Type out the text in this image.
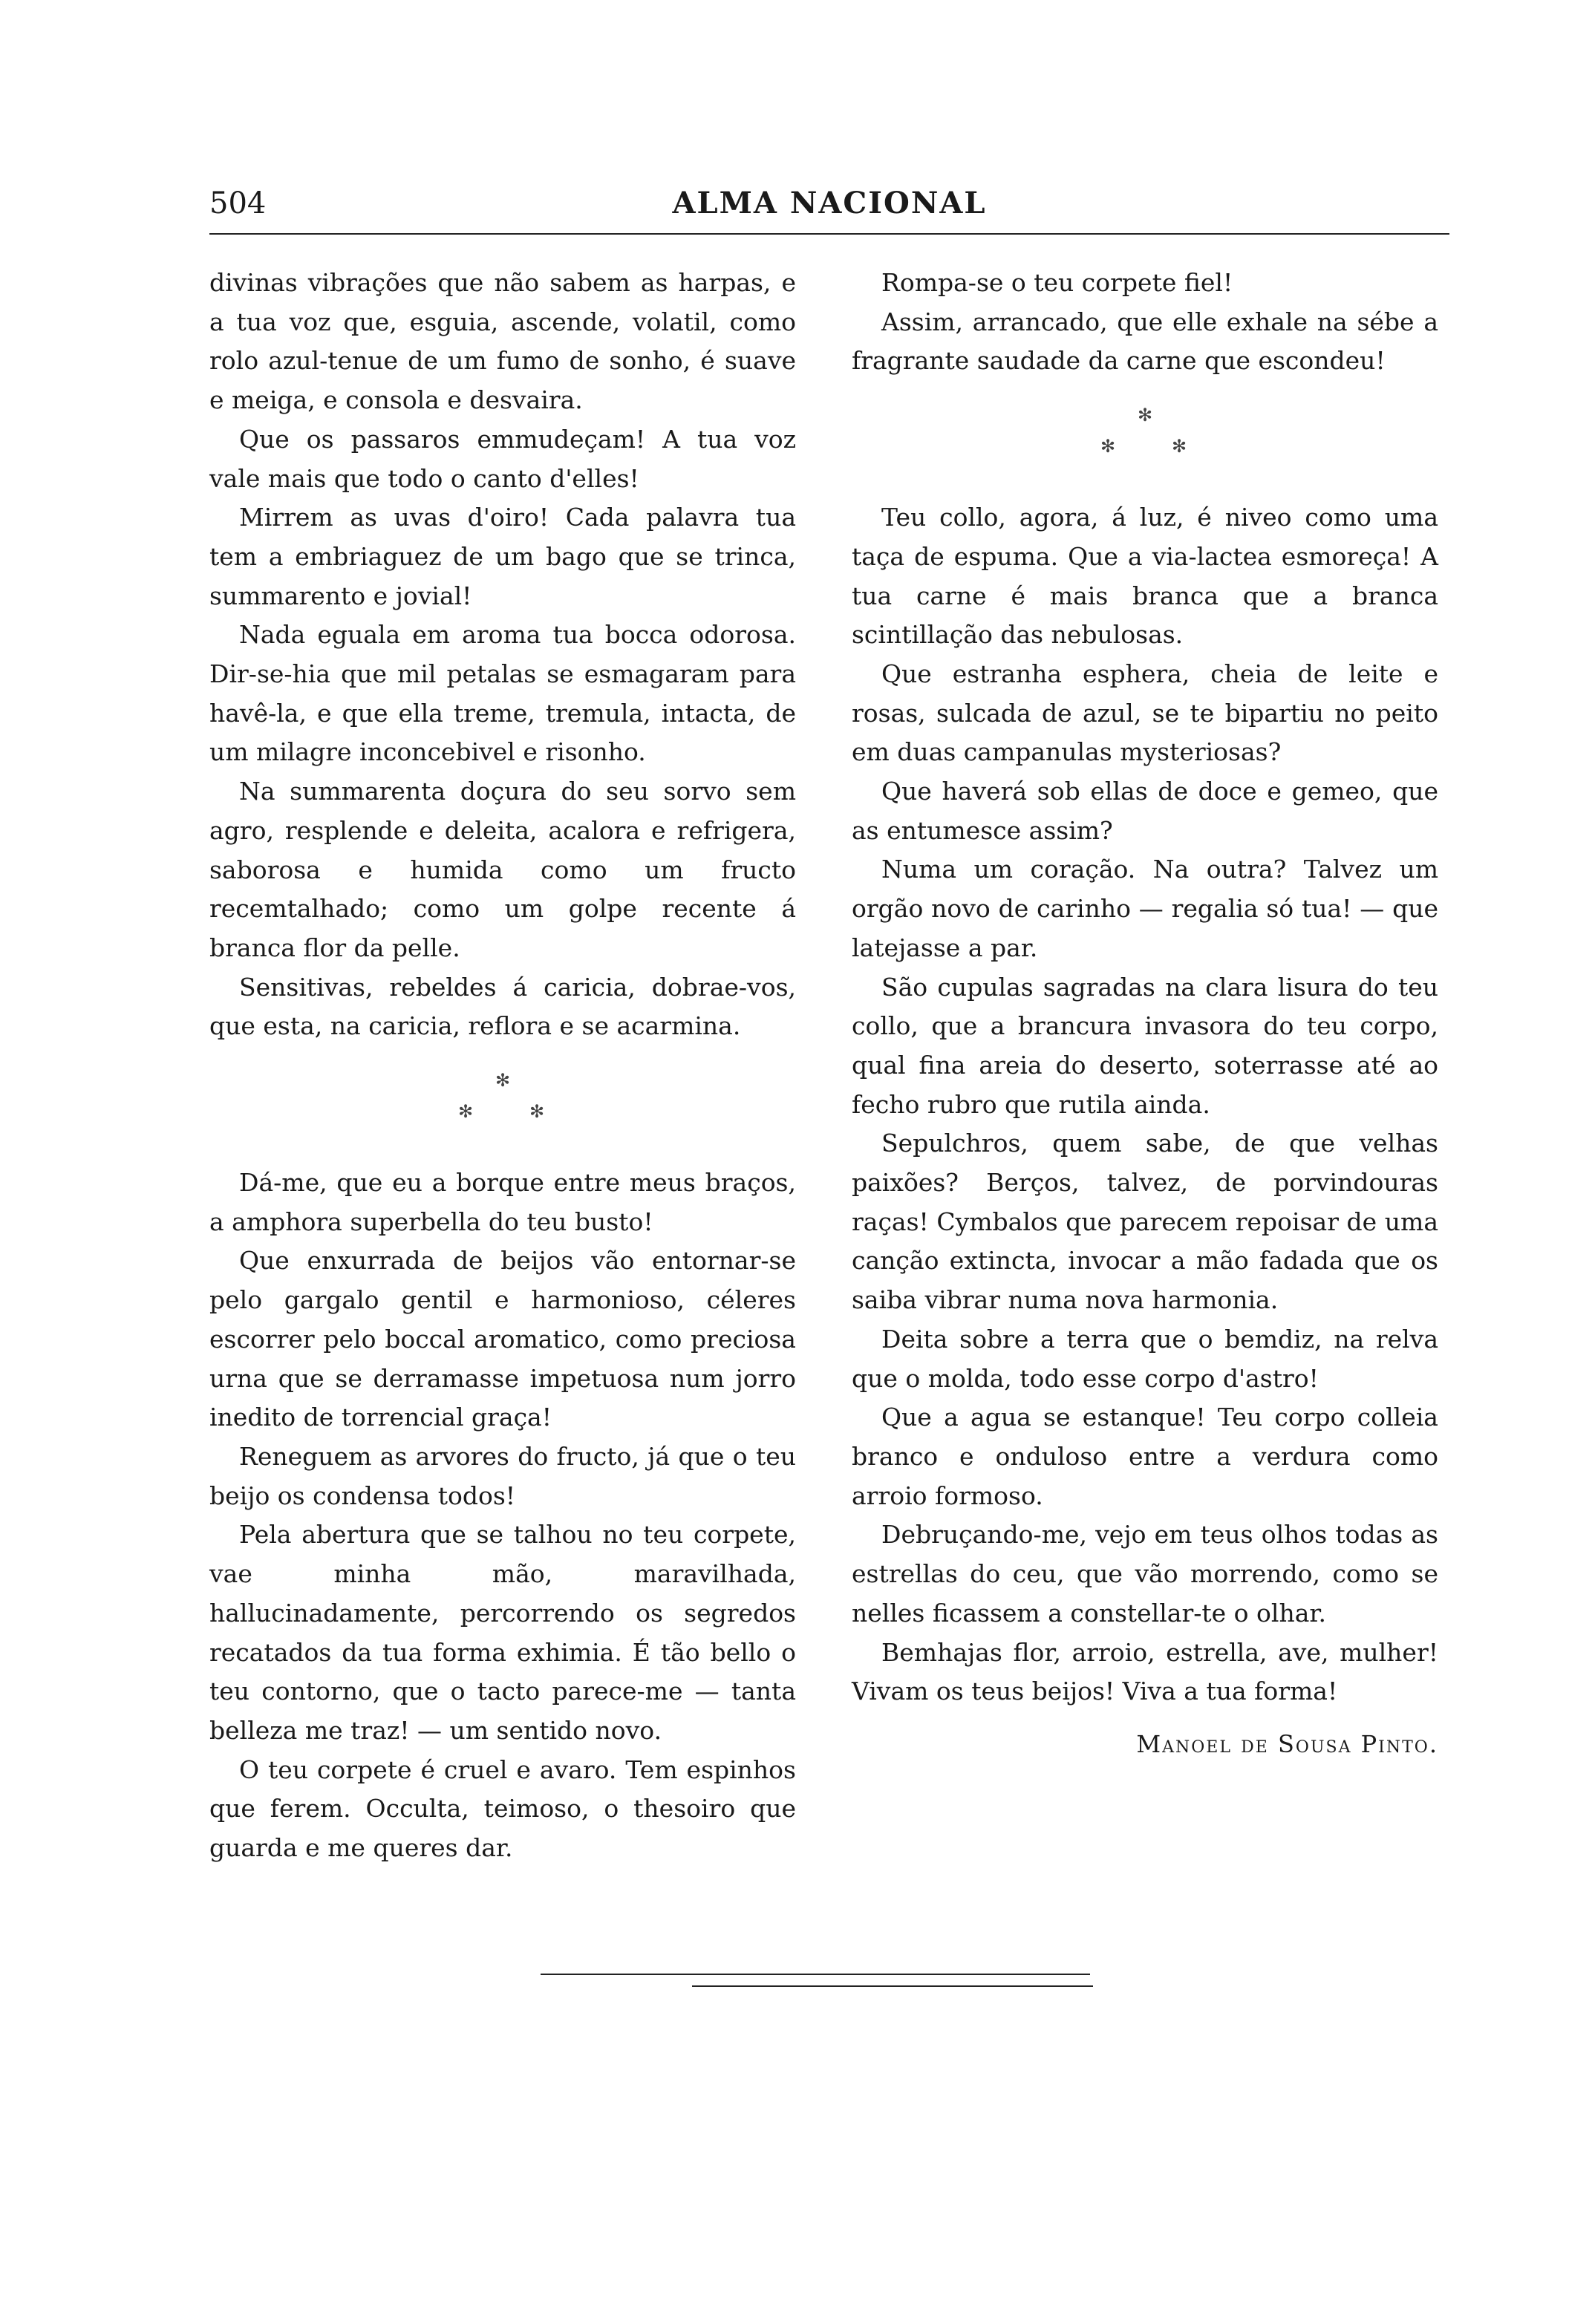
504	ALMA NACIONAL

divinas vibrações que não sabem as harpas, e a tua voz que, esguia, ascende, volatil, como rolo azul-tenue de um fumo de sonho, é suave e meiga, e consola e desvaira.

Que os passaros emmudeçam! A tua voz vale mais que todo o canto d'elles!

Mirrem as uvas d'oiro! Cada palavra tua tem a embriaguez de um bago que se trinca, summarento e jovial!

Nada eguala em aroma tua bocca odorosa. Dir-se-hia que mil petalas se esmagaram para havê-la, e que ella treme, tremula, intacta, de um milagre inconcebivel e risonho.

Na summarenta doçura do seu sorvo sem agro, resplende e deleita, acalora e refrigera, saborosa e humida como um fructo recemtalhado; como um golpe recente á branca flor da pelle.

Sensitivas, rebeldes á caricia, dobrae-vos, que esta, na caricia, reflora e se acarmina.

✻
✻	✻

Dá-me, que eu a borque entre meus braços, a amphora superbella do teu busto!

Que enxurrada de beijos vão entornar-se pelo gargalo gentil e harmonioso, céleres escorrer pelo boccal aromatico, como preciosa urna que se derramasse impetuosa num jorro inedito de torrencial graça!

Reneguem as arvores do fructo, já que o teu beijo os condensa todos!

Pela abertura que se talhou no teu corpete, vae minha mão, maravilhada, hallucinadamente, percorrendo os segredos recatados da tua forma exhimia. É tão bello o teu contorno, que o tacto parece-me — tanta belleza me traz! — um sentido novo.

O teu corpete é cruel e avaro. Tem espinhos que ferem. Occulta, teimoso, o thesoiro que guarda e me queres dar.

Rompa-se o teu corpete fiel!

Assim, arrancado, que elle exhale na sébe a fragrante saudade da carne que escondeu!

✻
✻	✻

Teu collo, agora, á luz, é niveo como uma taça de espuma. Que a via-lactea esmoreça! A tua carne é mais branca que a branca scintillação das nebulosas.

Que estranha esphera, cheia de leite e rosas, sulcada de azul, se te bipartiu no peito em duas campanulas mysteriosas?

Que haverá sob ellas de doce e gemeo, que as entumesce assim?

Numa um coração. Na outra? Talvez um orgão novo de carinho — regalia só tua! — que latejasse a par.

São cupulas sagradas na clara lisura do teu collo, que a brancura invasora do teu corpo, qual fina areia do deserto, soterrasse até ao fecho rubro que rutila ainda.

Sepulchros, quem sabe, de que velhas paixões? Berços, talvez, de porvindouras raças! Cymbalos que parecem repoisar de uma canção extincta, invocar a mão fadada que os saiba vibrar numa nova harmonia.

Deita sobre a terra que o bemdiz, na relva que o molda, todo esse corpo d'astro!

Que a agua se estanque! Teu corpo colleia branco e onduloso entre a verdura como arroio formoso.

Debruçando-me, vejo em teus olhos todas as estrellas do ceu, que vão morrendo, como se nelles ficassem a constellar-te o olhar.

Bemhajas flor, arroio, estrella, ave, mulher! Vivam os teus beijos! Viva a tua forma!

Manoel de Sousa Pinto.
